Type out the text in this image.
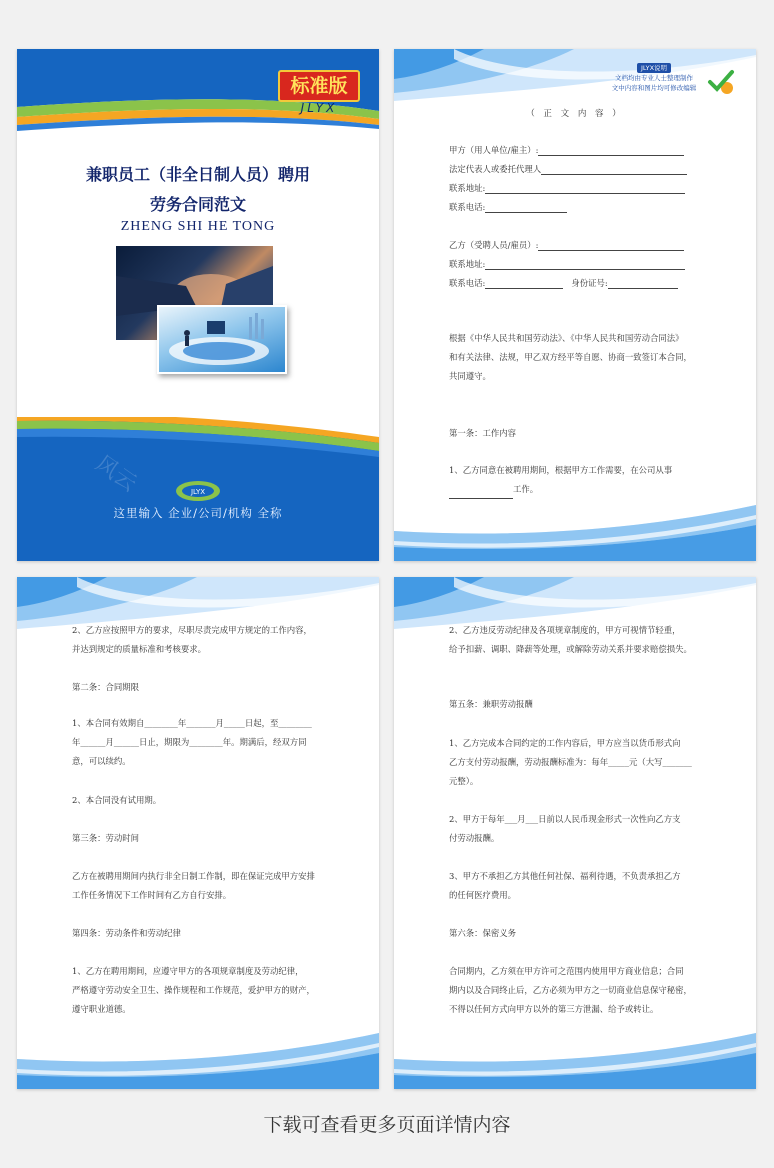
标准版
JLYX
兼职员工（非全日制人员）聘用
劳务合同范文
ZHENG SHI HE TONG
风云	JLYX
这里输入 企业/公司/机构 全称
JLYX说明
文档均由专业人士整理制作
文中内容和图片均可修改编辑
（ 正 文 内 容 ）
甲方（用人单位/雇主）:
法定代表人或委托代理人
联系地址:
联系电话:
乙方（受聘人员/雇员）:
联系地址:
联系电话:	身份证号:
根据《中华人民共和国劳动法》、《中华人民共和国劳动合同法》
和有关法律、法规，甲乙双方经平等自愿、协商一致签订本合同，
共同遵守。
第一条：工作内容
1、乙方同意在被聘用期间，根据甲方工作需要，在公司从事
工作。
2、乙方应按照甲方的要求，尽职尽责完成甲方规定的工作内容，
并达到规定的质量标准和考核要求。
第二条：合同期限
1、本合同有效期自________年_______月_____日起，至________
年______月______日止，期限为________年。期满后，经双方同
意，可以续约。
2、本合同没有试用期。
第三条：劳动时间
乙方在被聘用期间内执行非全日制工作制，即在保证完成甲方安排
工作任务情况下工作时间有乙方自行安排。
第四条：劳动条件和劳动纪律
1、乙方在聘用期间，应遵守甲方的各项规章制度及劳动纪律，
严格遵守劳动安全卫生、操作规程和工作规范，爱护甲方的财产，
遵守职业道德。
2、乙方违反劳动纪律及各项规章制度的，甲方可视情节轻重，
给予扣薪、调职、降薪等处理，或解除劳动关系并要求赔偿损失。
第五条：兼职劳动报酬
1、乙方完成本合同约定的工作内容后，甲方应当以货币形式向
乙方支付劳动报酬，劳动报酬标准为：每年_____元（大写_______
元整）。
2、甲方于每年___月___日前以人民币现金形式一次性向乙方支
付劳动报酬。
3、甲方不承担乙方其他任何社保、福利待遇，不负责承担乙方
的任何医疗费用。
第六条：保密义务
合同期内，乙方须在甲方许可之范围内使用甲方商业信息；合同
期内以及合同终止后，乙方必须为甲方之一切商业信息保守秘密，
不得以任何方式向甲方以外的第三方泄漏、给予或转让。
下载可查看更多页面详情内容
